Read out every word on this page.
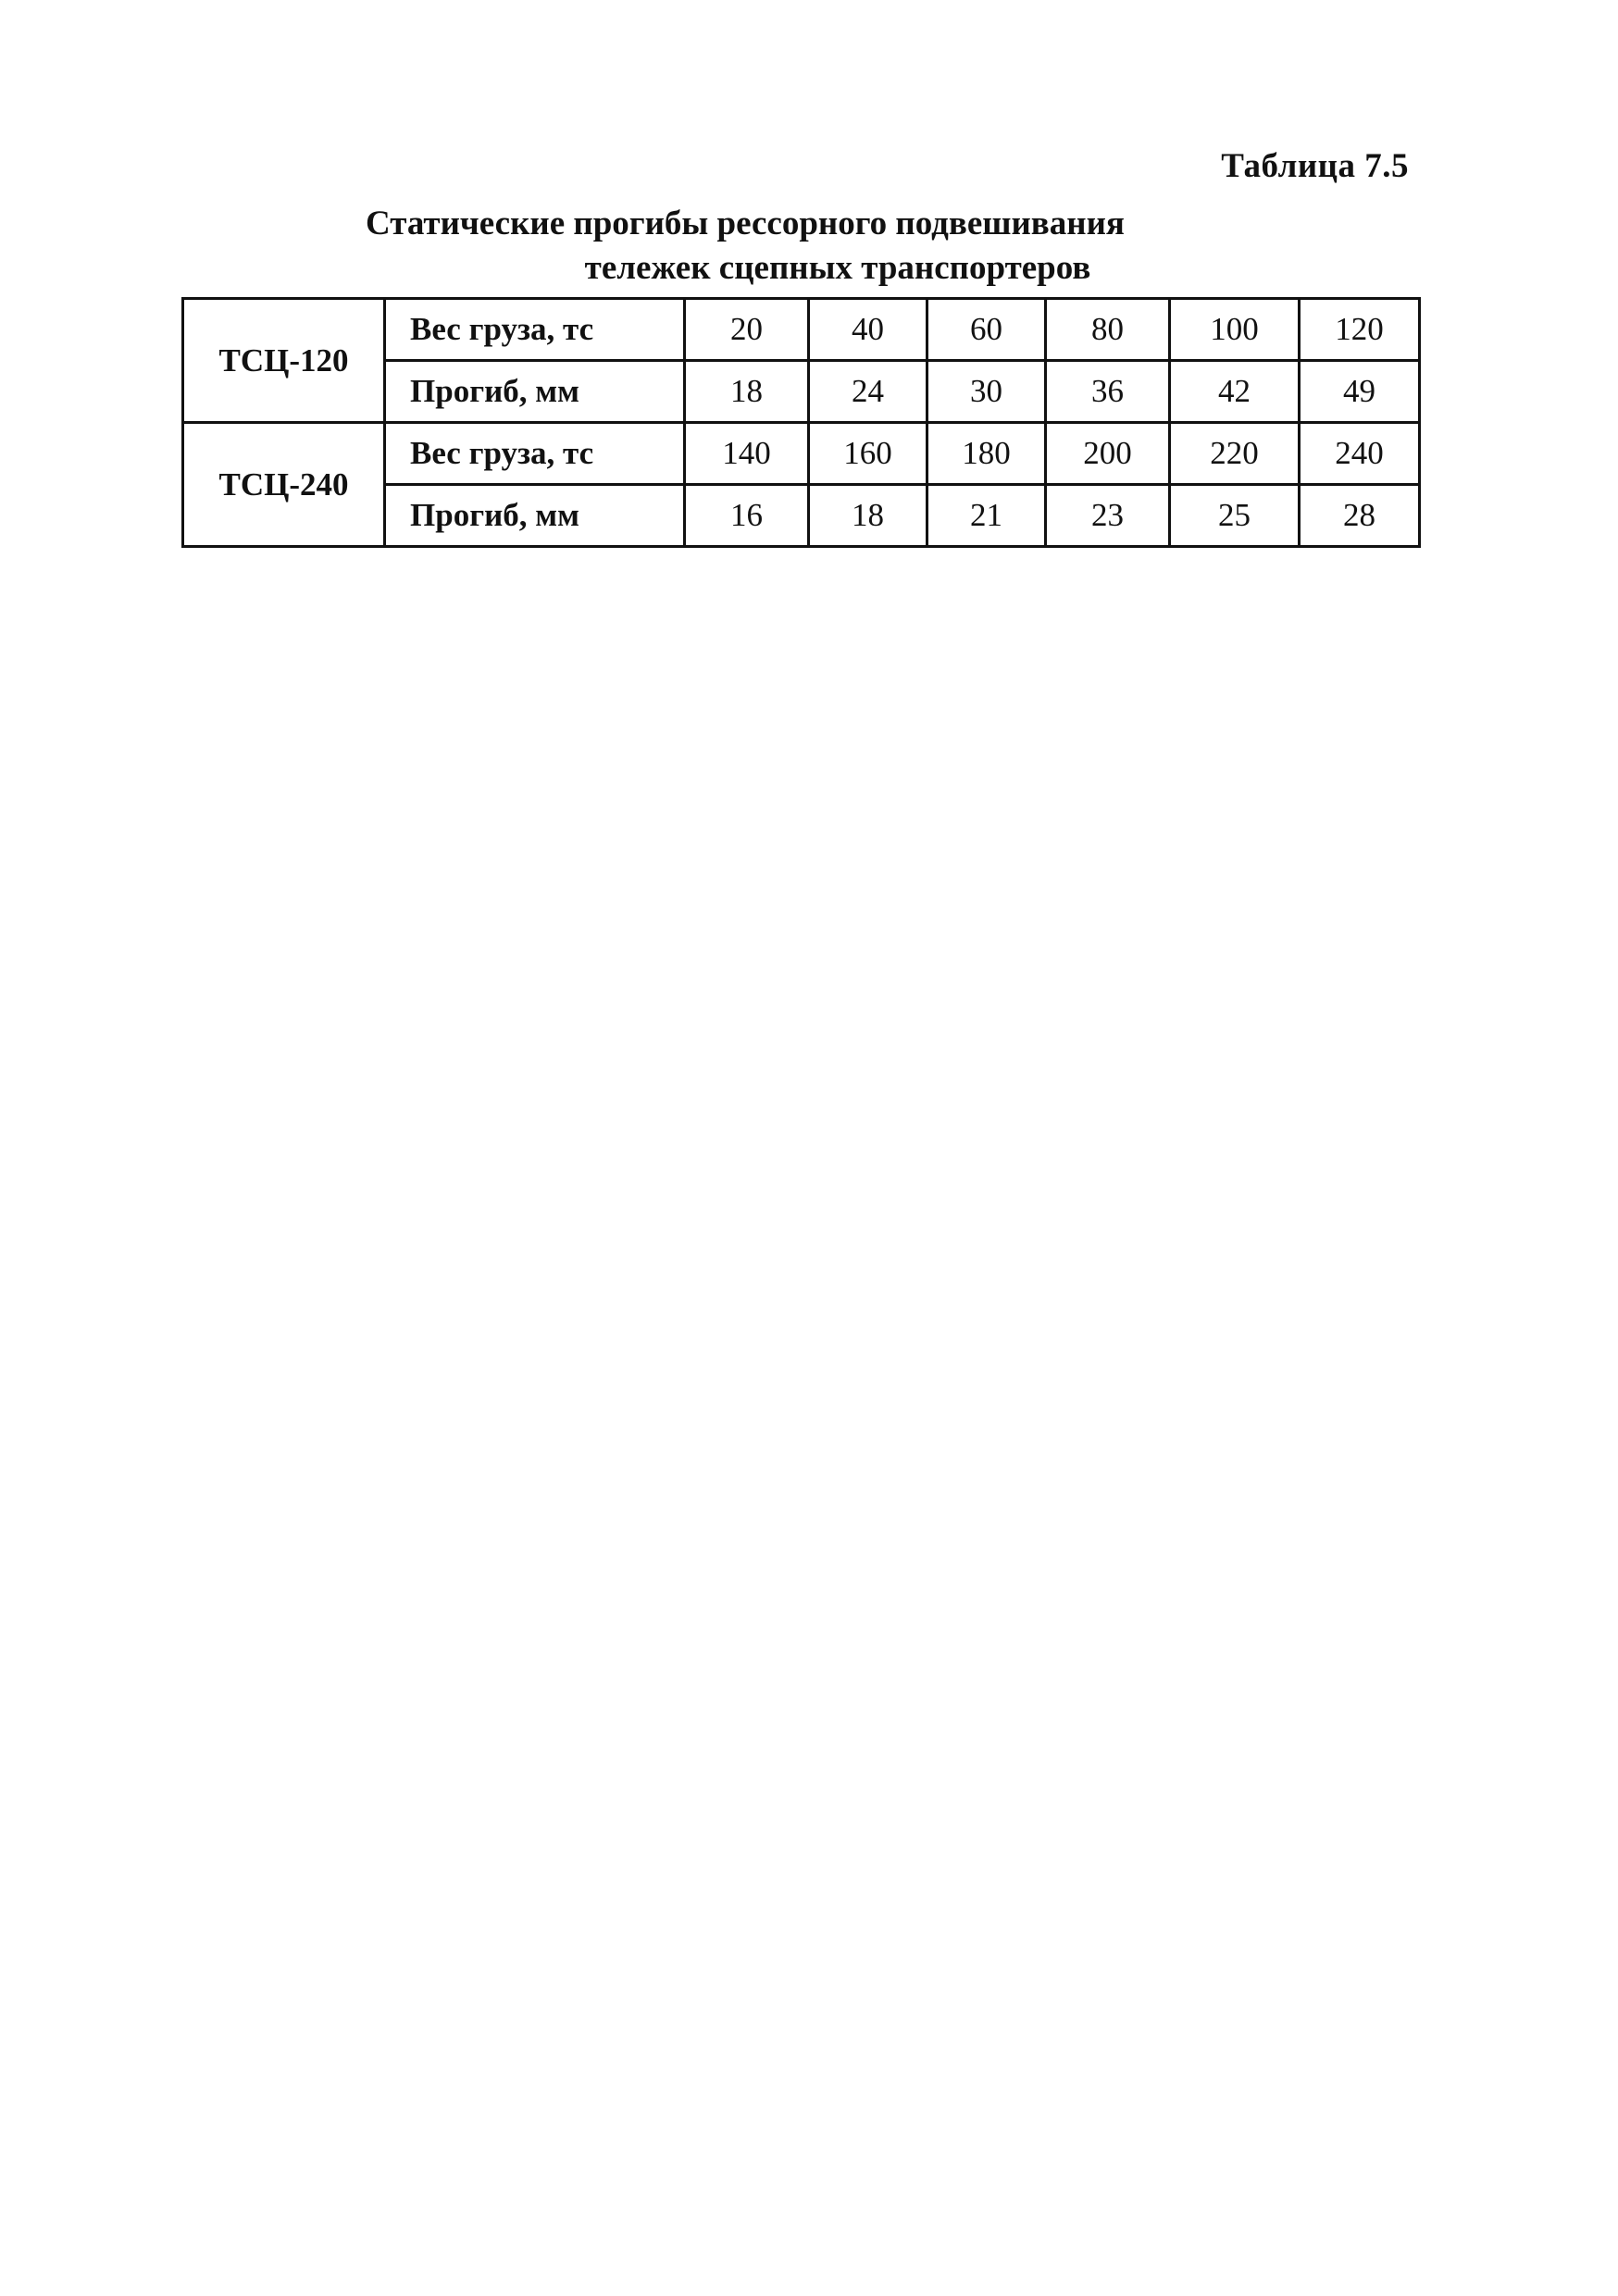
Таблица 7.5
Статические прогибы рессорного подвешивания
тележек сцепных транспортеров
ТСЦ-120	Вес груза, тс	20	40	60	80	100	120
	Прогиб, мм	18	24	30	36	42	49
ТСЦ-240	Вес груза, тс	140	160	180	200	220	240
	Прогиб, мм	16	18	21	23	25	28
